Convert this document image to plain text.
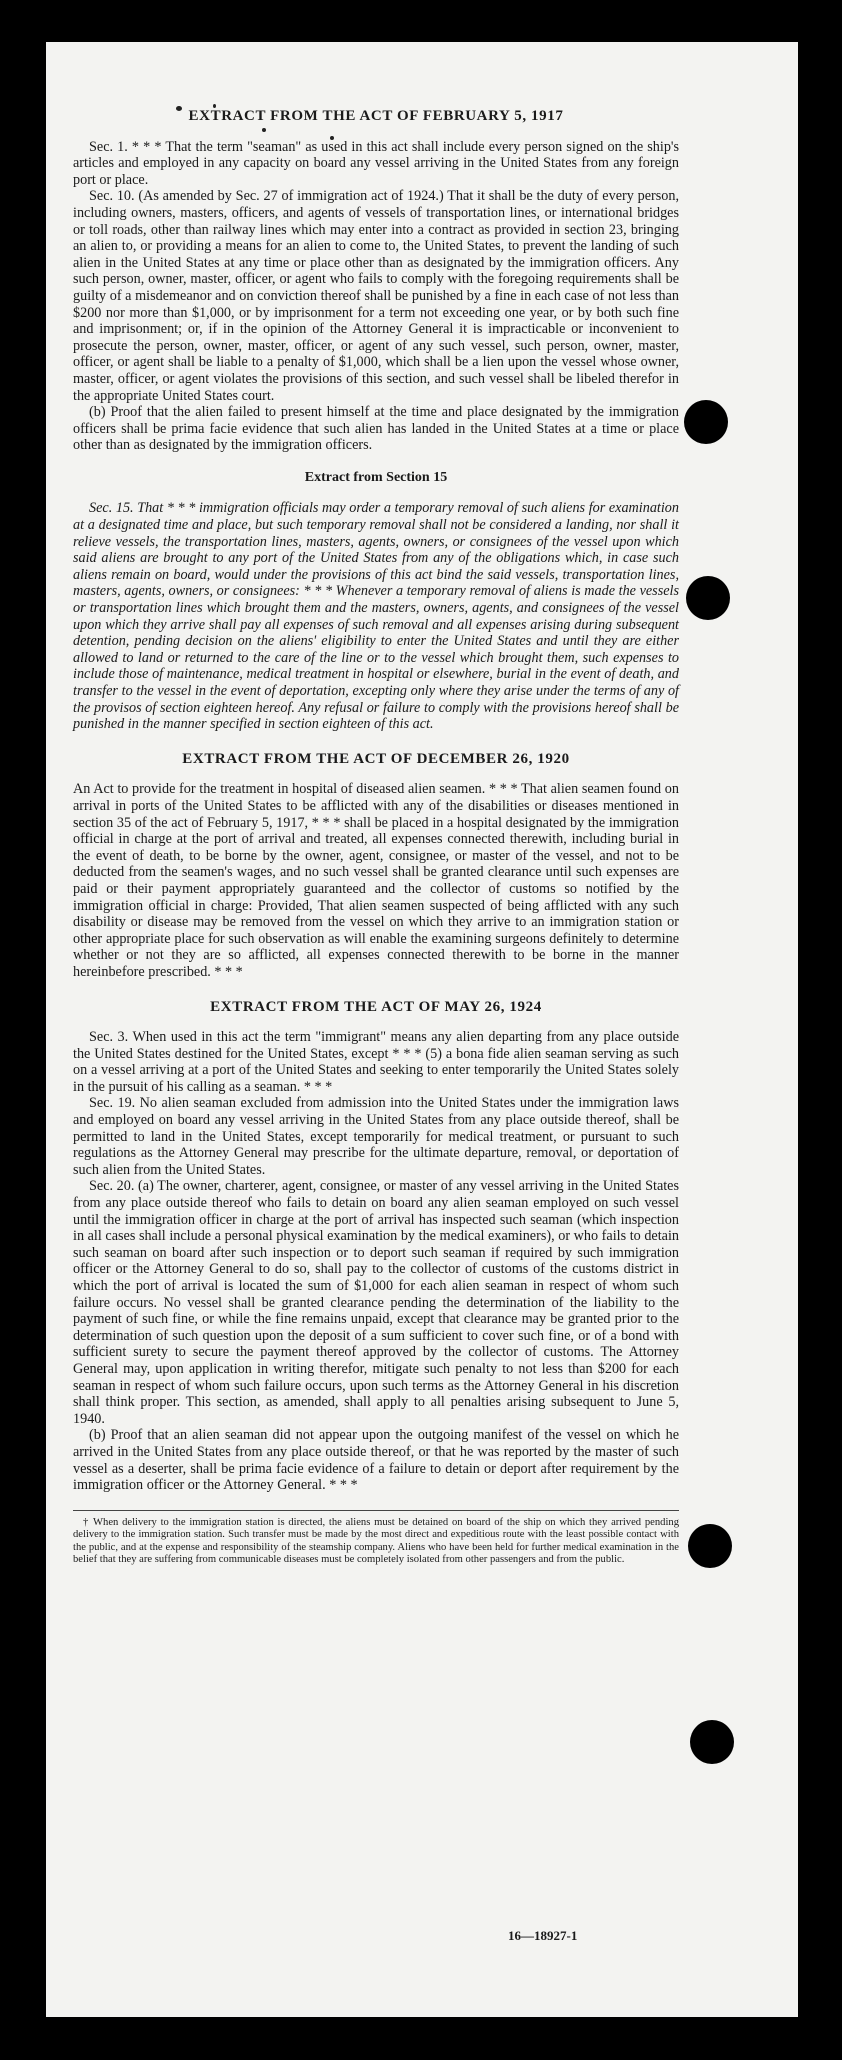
EXTRACT FROM THE ACT OF FEBRUARY 5, 1917

Sec. 1. * * * That the term "seaman" as used in this act shall include every person signed on the ship's articles and employed in any capacity on board any vessel arriving in the United States from any foreign port or place.

Sec. 10. (As amended by Sec. 27 of immigration act of 1924.) That it shall be the duty of every person, including owners, masters, officers, and agents of vessels of transportation lines, or international bridges or toll roads, other than railway lines which may enter into a contract as provided in section 23, bringing an alien to, or providing a means for an alien to come to, the United States, to prevent the landing of such alien in the United States at any time or place other than as designated by the immigration officers. Any such person, owner, master, officer, or agent who fails to comply with the foregoing requirements shall be guilty of a misdemeanor and on conviction thereof shall be punished by a fine in each case of not less than $200 nor more than $1,000, or by imprisonment for a term not exceeding one year, or by both such fine and imprisonment; or, if in the opinion of the Attorney General it is impracticable or inconvenient to prosecute the person, owner, master, officer, or agent of any such vessel, such person, owner, master, officer, or agent shall be liable to a penalty of $1,000, which shall be a lien upon the vessel whose owner, master, officer, or agent violates the provisions of this section, and such vessel shall be libeled therefor in the appropriate United States court.

(b) Proof that the alien failed to present himself at the time and place designated by the immigration officers shall be prima facie evidence that such alien has landed in the United States at a time or place other than as designated by the immigration officers.

Extract from Section 15

Sec. 15. That * * * immigration officials may order a temporary removal of such aliens for examination at a designated time and place, but such temporary removal shall not be considered a landing, nor shall it relieve vessels, the transportation lines, masters, agents, owners, or consignees of the vessel upon which said aliens are brought to any port of the United States from any of the obligations which, in case such aliens remain on board, would under the provisions of this act bind the said vessels, transportation lines, masters, agents, owners, or consignees: * * * Whenever a temporary removal of aliens is made the vessels or transportation lines which brought them and the masters, owners, agents, and consignees of the vessel upon which they arrive shall pay all expenses of such removal and all expenses arising during subsequent detention, pending decision on the aliens' eligibility to enter the United States and until they are either allowed to land or returned to the care of the line or to the vessel which brought them, such expenses to include those of maintenance, medical treatment in hospital or elsewhere, burial in the event of death, and transfer to the vessel in the event of deportation, excepting only where they arise under the terms of any of the provisos of section eighteen hereof. Any refusal or failure to comply with the provisions hereof shall be punished in the manner specified in section eighteen of this act.

EXTRACT FROM THE ACT OF DECEMBER 26, 1920

An Act to provide for the treatment in hospital of diseased alien seamen. * * * That alien seamen found on arrival in ports of the United States to be afflicted with any of the disabilities or diseases mentioned in section 35 of the act of February 5, 1917, * * * shall be placed in a hospital designated by the immigration official in charge at the port of arrival and treated, all expenses connected therewith, including burial in the event of death, to be borne by the owner, agent, consignee, or master of the vessel, and not to be deducted from the seamen's wages, and no such vessel shall be granted clearance until such expenses are paid or their payment appropriately guaranteed and the collector of customs so notified by the immigration official in charge: Provided, That alien seamen suspected of being afflicted with any such disability or disease may be removed from the vessel on which they arrive to an immigration station or other appropriate place for such observation as will enable the examining surgeons definitely to determine whether or not they are so afflicted, all expenses connected therewith to be borne in the manner hereinbefore prescribed. * * *

EXTRACT FROM THE ACT OF MAY 26, 1924

Sec. 3. When used in this act the term "immigrant" means any alien departing from any place outside the United States destined for the United States, except * * * (5) a bona fide alien seaman serving as such on a vessel arriving at a port of the United States and seeking to enter temporarily the United States solely in the pursuit of his calling as a seaman. * * *

Sec. 19. No alien seaman excluded from admission into the United States under the immigration laws and employed on board any vessel arriving in the United States from any place outside thereof, shall be permitted to land in the United States, except temporarily for medical treatment, or pursuant to such regulations as the Attorney General may prescribe for the ultimate departure, removal, or deportation of such alien from the United States.

Sec. 20. (a) The owner, charterer, agent, consignee, or master of any vessel arriving in the United States from any place outside thereof who fails to detain on board any alien seaman employed on such vessel until the immigration officer in charge at the port of arrival has inspected such seaman (which inspection in all cases shall include a personal physical examination by the medical examiners), or who fails to detain such seaman on board after such inspection or to deport such seaman if required by such immigration officer or the Attorney General to do so, shall pay to the collector of customs of the customs district in which the port of arrival is located the sum of $1,000 for each alien seaman in respect of whom such failure occurs. No vessel shall be granted clearance pending the determination of the liability to the payment of such fine, or while the fine remains unpaid, except that clearance may be granted prior to the determination of such question upon the deposit of a sum sufficient to cover such fine, or of a bond with sufficient surety to secure the payment thereof approved by the collector of customs. The Attorney General may, upon application in writing therefor, mitigate such penalty to not less than $200 for each seaman in respect of whom such failure occurs, upon such terms as the Attorney General in his discretion shall think proper. This section, as amended, shall apply to all penalties arising subsequent to June 5, 1940.

(b) Proof that an alien seaman did not appear upon the outgoing manifest of the vessel on which he arrived in the United States from any place outside thereof, or that he was reported by the master of such vessel as a deserter, shall be prima facie evidence of a failure to detain or deport after requirement by the immigration officer or the Attorney General. * * *

† When delivery to the immigration station is directed, the aliens must be detained on board of the ship on which they arrived pending delivery to the immigration station. Such transfer must be made by the most direct and expeditious route with the least possible contact with the public, and at the expense and responsibility of the steamship company. Aliens who have been held for further medical examination in the belief that they are suffering from communicable diseases must be completely isolated from other passengers and from the public.
16—18927-1
